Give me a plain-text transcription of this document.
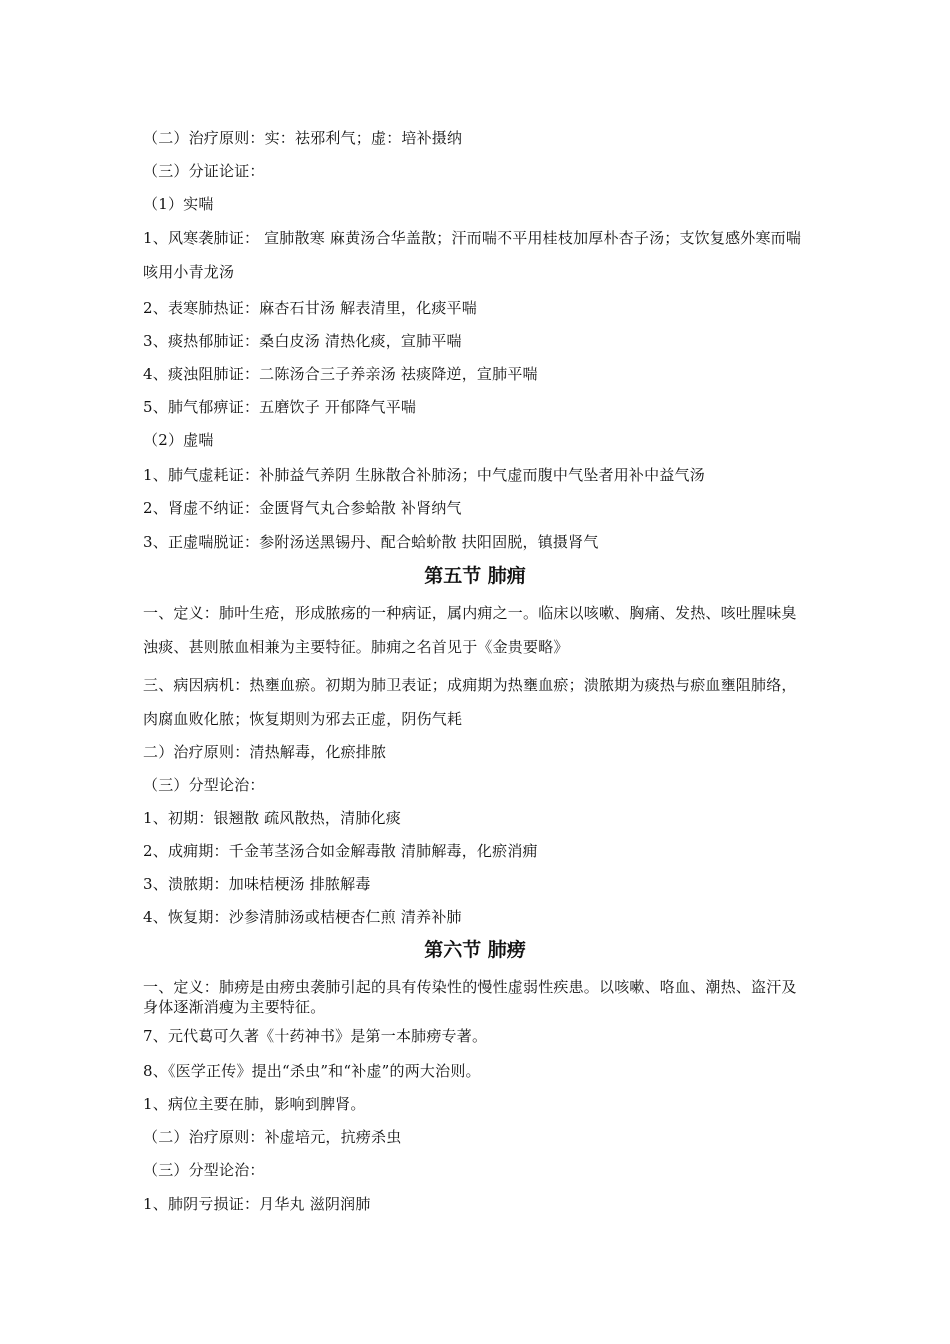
（二）治疗原则：实：祛邪利气；虚：培补摄纳
（三）分证论证：
（1）实喘
1、风寒袭肺证： 宣肺散寒 麻黄汤合华盖散；汗而喘不平用桂枝加厚朴杏子汤；支饮复感外寒而喘咳用小青龙汤
2、表寒肺热证：麻杏石甘汤 解表清里，化痰平喘
3、痰热郁肺证：桑白皮汤 清热化痰，宣肺平喘
4、痰浊阻肺证：二陈汤合三子养亲汤 祛痰降逆，宣肺平喘
5、肺气郁痹证：五磨饮子 开郁降气平喘
（2）虚喘
1、肺气虚耗证：补肺益气养阴 生脉散合补肺汤；中气虚而腹中气坠者用补中益气汤
2、肾虚不纳证：金匮肾气丸合参蛤散 补肾纳气
3、正虚喘脱证：参附汤送黑锡丹、配合蛤蚧散 扶阳固脱，镇摄肾气
第五节 肺痈
一、定义：肺叶生疮，形成脓疡的一种病证，属内痈之一。临床以咳嗽、胸痛、发热、咳吐腥味臭浊痰、甚则脓血相兼为主要特征。肺痈之名首见于《金贵要略》
三、病因病机：热壅血瘀。初期为肺卫表证；成痈期为热壅血瘀；溃脓期为痰热与瘀血壅阻肺络，肉腐血败化脓；恢复期则为邪去正虚，阴伤气耗
二）治疗原则：清热解毒，化瘀排脓
（三）分型论治：
1、初期：银翘散 疏风散热，清肺化痰
2、成痈期：千金苇茎汤合如金解毒散 清肺解毒，化瘀消痈
3、溃脓期：加味桔梗汤 排脓解毒
4、恢复期：沙参清肺汤或桔梗杏仁煎 清养补肺
第六节 肺痨
一、定义：肺痨是由痨虫袭肺引起的具有传染性的慢性虚弱性疾患。以咳嗽、咯血、潮热、盗汗及身体逐渐消瘦为主要特征。
7、元代葛可久著《十药神书》是第一本肺痨专著。
8、《医学正传》提出“杀虫”和“补虚”的两大治则。
1、病位主要在肺，影响到脾肾。
（二）治疗原则：补虚培元，抗痨杀虫
（三）分型论治：
1、肺阴亏损证：月华丸 滋阴润肺
